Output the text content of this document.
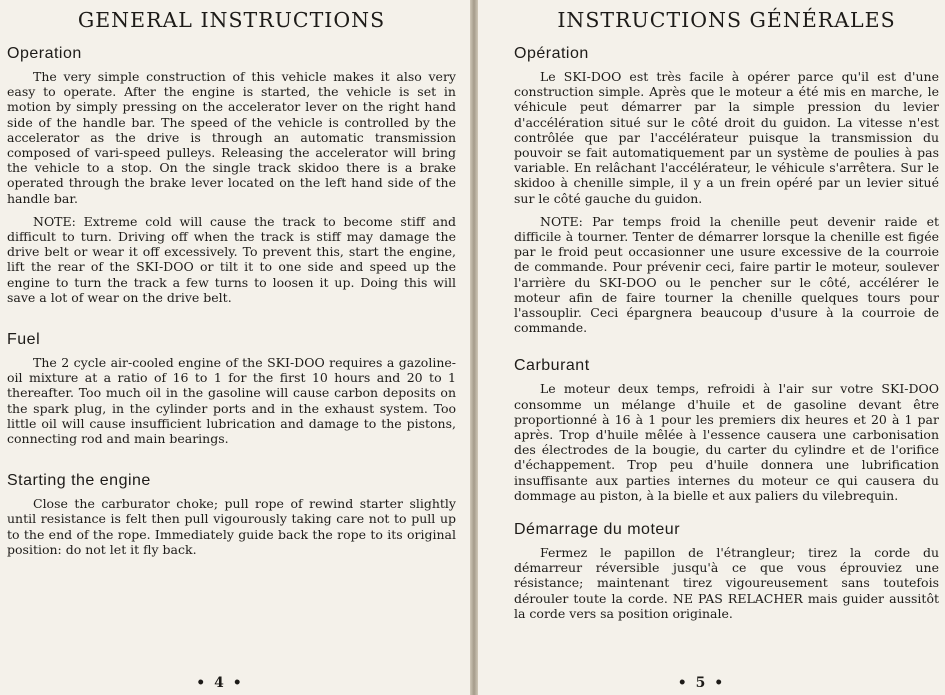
GENERAL INSTRUCTIONS
Operation

The very simple construction of this vehicle makes it also very easy to operate. After the engine is started, the vehicle is set in motion by simply pressing on the accelerator lever on the right hand side of the handle bar. The speed of the vehicle is controlled by the accelerator as the drive is through an automatic transmission composed of vari-speed pulleys. Releasing the accelerator will bring the vehicle to a stop. On the single track skidoo there is a brake operated through the brake lever located on the left hand side of the handle bar.

NOTE: Extreme cold will cause the track to become stiff and difficult to turn. Driving off when the track is stiff may damage the drive belt or wear it off excessively. To prevent this, start the engine, lift the rear of the SKI-DOO or tilt it to one side and speed up the engine to turn the track a few turns to loosen it up. Doing this will save a lot of wear on the drive belt.

Fuel

The 2 cycle air-cooled engine of the SKI-DOO requires a gazoline-oil mixture at a ratio of 16 to 1 for the first 10 hours and 20 to 1 thereafter. Too much oil in the gasoline will cause carbon deposits on the spark plug, in the cylinder ports and in the exhaust system. Too little oil will cause insufficient lubrication and damage to the pistons, connecting rod and main bearings.

Starting the engine

Close the carburator choke; pull rope of rewind starter slightly until resistance is felt then pull vigourously taking care not to pull up to the end of the rope. Immediately guide back the rope to its original position: do not let it fly back.

• 4 •
INSTRUCTIONS GÉNÉRALES
Opération

Le SKI-DOO est très facile à opérer parce qu'il est d'une construction simple. Après que le moteur a été mis en marche, le véhicule peut démarrer par la simple pression du levier d'accélération situé sur le côté droit du guidon. La vitesse n'est contrôlée que par l'accélérateur puisque la transmission du pouvoir se fait automatiquement par un système de poulies à pas variable. En relâchant l'accélérateur, le véhicule s'arrêtera. Sur le skidoo à chenille simple, il y a un frein opéré par un levier situé sur le côté gauche du guidon.

NOTE: Par temps froid la chenille peut devenir raide et difficile à tourner. Tenter de démarrer lorsque la chenille est figée par le froid peut occasionner une usure excessive de la courroie de commande. Pour prévenir ceci, faire partir le moteur, soulever l'arrière du SKI-DOO ou le pencher sur le côté, accélérer le moteur afin de faire tourner la chenille quelques tours pour l'assouplir. Ceci épargnera beaucoup d'usure à la courroie de commande.

Carburant

Le moteur deux temps, refroidi à l'air sur votre SKI-DOO consomme un mélange d'huile et de gasoline devant être proportionné à 16 à 1 pour les premiers dix heures et 20 à 1 par après. Trop d'huile mêlée à l'essence causera une carbonisation des électrodes de la bougie, du carter du cylindre et de l'orifice d'échappement. Trop peu d'huile donnera une lubrification insuffisante aux parties internes du moteur ce qui causera du dommage au piston, à la bielle et aux paliers du vilebrequin.

Démarrage du moteur

Fermez le papillon de l'étrangleur; tirez la corde du démarreur réversible jusqu'à ce que vous éprouviez une résistance; maintenant tirez vigoureusement sans toutefois dérouler toute la corde. NE PAS RELACHER mais guider aussitôt la corde vers sa position originale.

• 5 •
